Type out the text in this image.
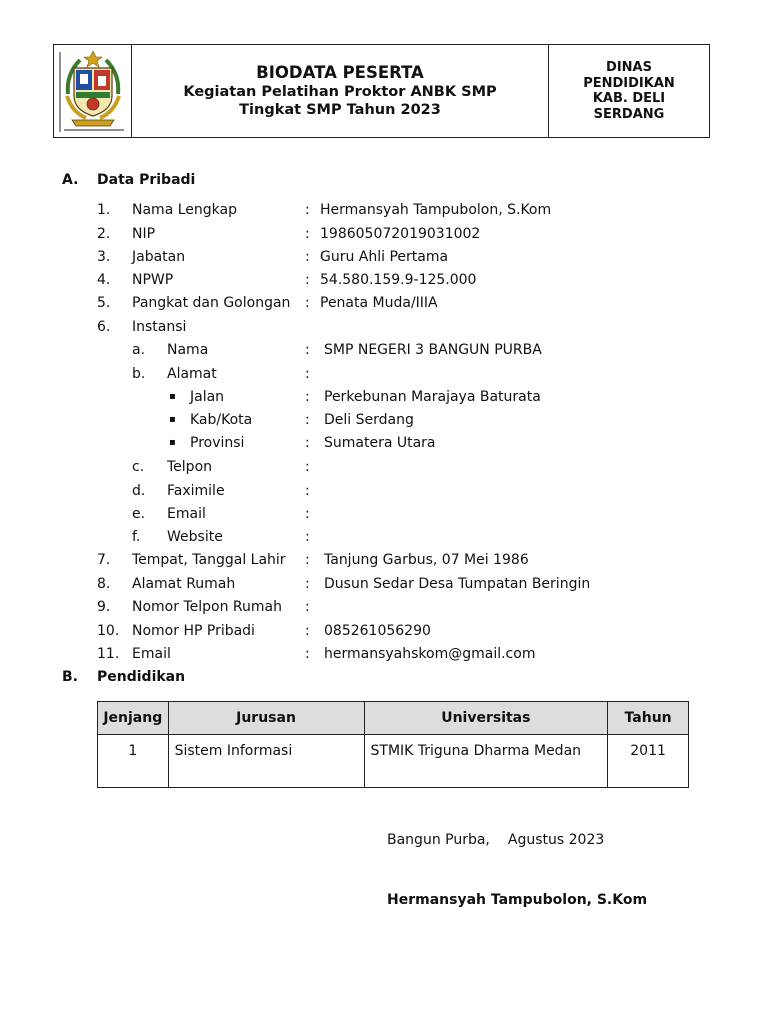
BIODATA PESERTA
Kegiatan Pelatihan Proktor ANBK SMP
Tingkat SMP Tahun 2023
DINAS
PENDIDIKAN
KAB. DELI
SERDANG
A. Data Pribadi
1. Nama Lengkap	: Hermansyah Tampubolon, S.Kom
2. NIP	: 198605072019031002
3. Jabatan	: Guru Ahli Pertama
4. NPWP	: 54.580.159.9-125.000
5. Pangkat dan Golongan : Penata Muda/IIIA
6. Instansi
a. Nama	: SMP NEGERI 3 BANGUN PURBA
b. Alamat	:
▪ Jalan	: Perkebunan Marajaya Baturata
▪ Kab/Kota	: Deli Serdang
▪ Provinsi	: Sumatera Utara
c. Telpon	:
d. Faximile	:
e. Email	:
f. Website	:
7. Tempat, Tanggal Lahir : Tanjung Garbus, 07 Mei 1986
8. Alamat Rumah	: Dusun Sedar Desa Tumpatan Beringin
9. Nomor Telpon Rumah :
10. Nomor HP Pribadi	: 085261056290
11. Email	: hermansyahskom@gmail.com
B. Pendidikan
Jenjang	Jurusan	Universitas	Tahun
1	Sistem Informasi	STMIK Triguna Dharma Medan	2011
Bangun Purba, Agustus 2023
Hermansyah Tampubolon, S.Kom
